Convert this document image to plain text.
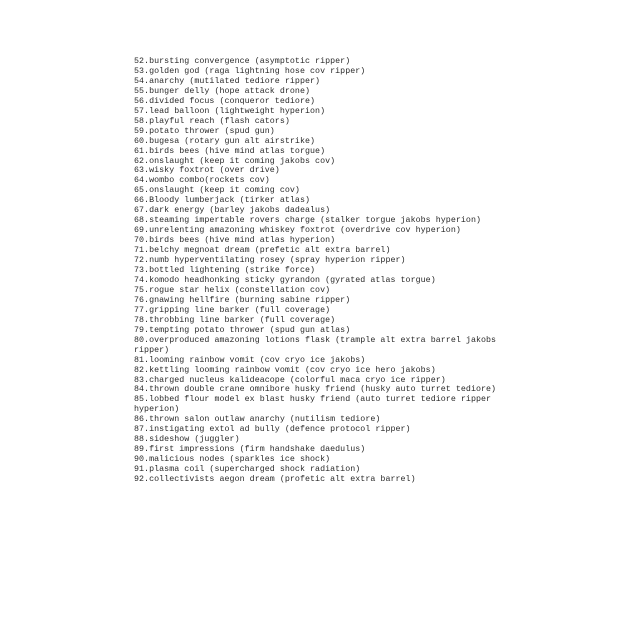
52.bursting convergence (asymptotic ripper)
53.golden god (raga lightning hose cov ripper)
54.anarchy (mutilated tediore ripper)
55.bunger delly (hope attack drone)
56.divided focus (conqueror tediore)
57.lead balloon (lightweight hyperion)
58.playful reach (flash cators)
59.potato thrower (spud gun)
60.bugesa (rotary gun alt airstrike)
61.birds bees (hive mind atlas torgue)
62.onslaught (keep it coming jakobs cov)
63.wisky foxtrot (over drive)
64.wombo combo(rockets cov)
65.onslaught (keep it coming cov)
66.Bloody lumberjack (tirker atlas)
67.dark energy (barley jakobs dadealus)
68.steaming impertable rovers charge (stalker torgue jakobs hyperion)
69.unrelenting amazoning whiskey foxtrot (overdrive cov hyperion)
70.birds bees (hive mind atlas hyperion)
71.belchy megnoat dream (prefetic alt extra barrel)
72.numb hyperventilating rosey (spray hyperion ripper)
73.bottled lightening (strike force)
74.komodo headhonking sticky gyrandon (gyrated atlas torgue)
75.rogue star helix (constellation cov)
76.gnawing hellfire (burning sabine ripper)
77.gripping line barker (full coverage)
78.throbbing line barker (full coverage)
79.tempting potato thrower (spud gun atlas)
80.overproduced amazoning lotions flask (trample alt extra barrel jakobs
ripper)
81.looming rainbow vomit (cov cryo ice jakobs)
82.kettling looming rainbow vomit (cov cryo ice hero jakobs)
83.charged nucleus kalideacope (colorful maca cryo ice ripper)
84.thrown double crane omnibore husky friend (husky auto turret tediore)
85.lobbed flour model ex blast husky friend (auto turret tediore ripper
hyperion)
86.thrown salon outlaw anarchy (nutilism tediore)
87.instigating extol ad bully (defence protocol ripper)
88.sideshow (juggler)
89.first impressions (firm handshake daedulus)
90.malicious nodes (sparkles ice shock)
91.plasma coil (supercharged shock radiation)
92.collectivists aegon dream (profetic alt extra barrel)
